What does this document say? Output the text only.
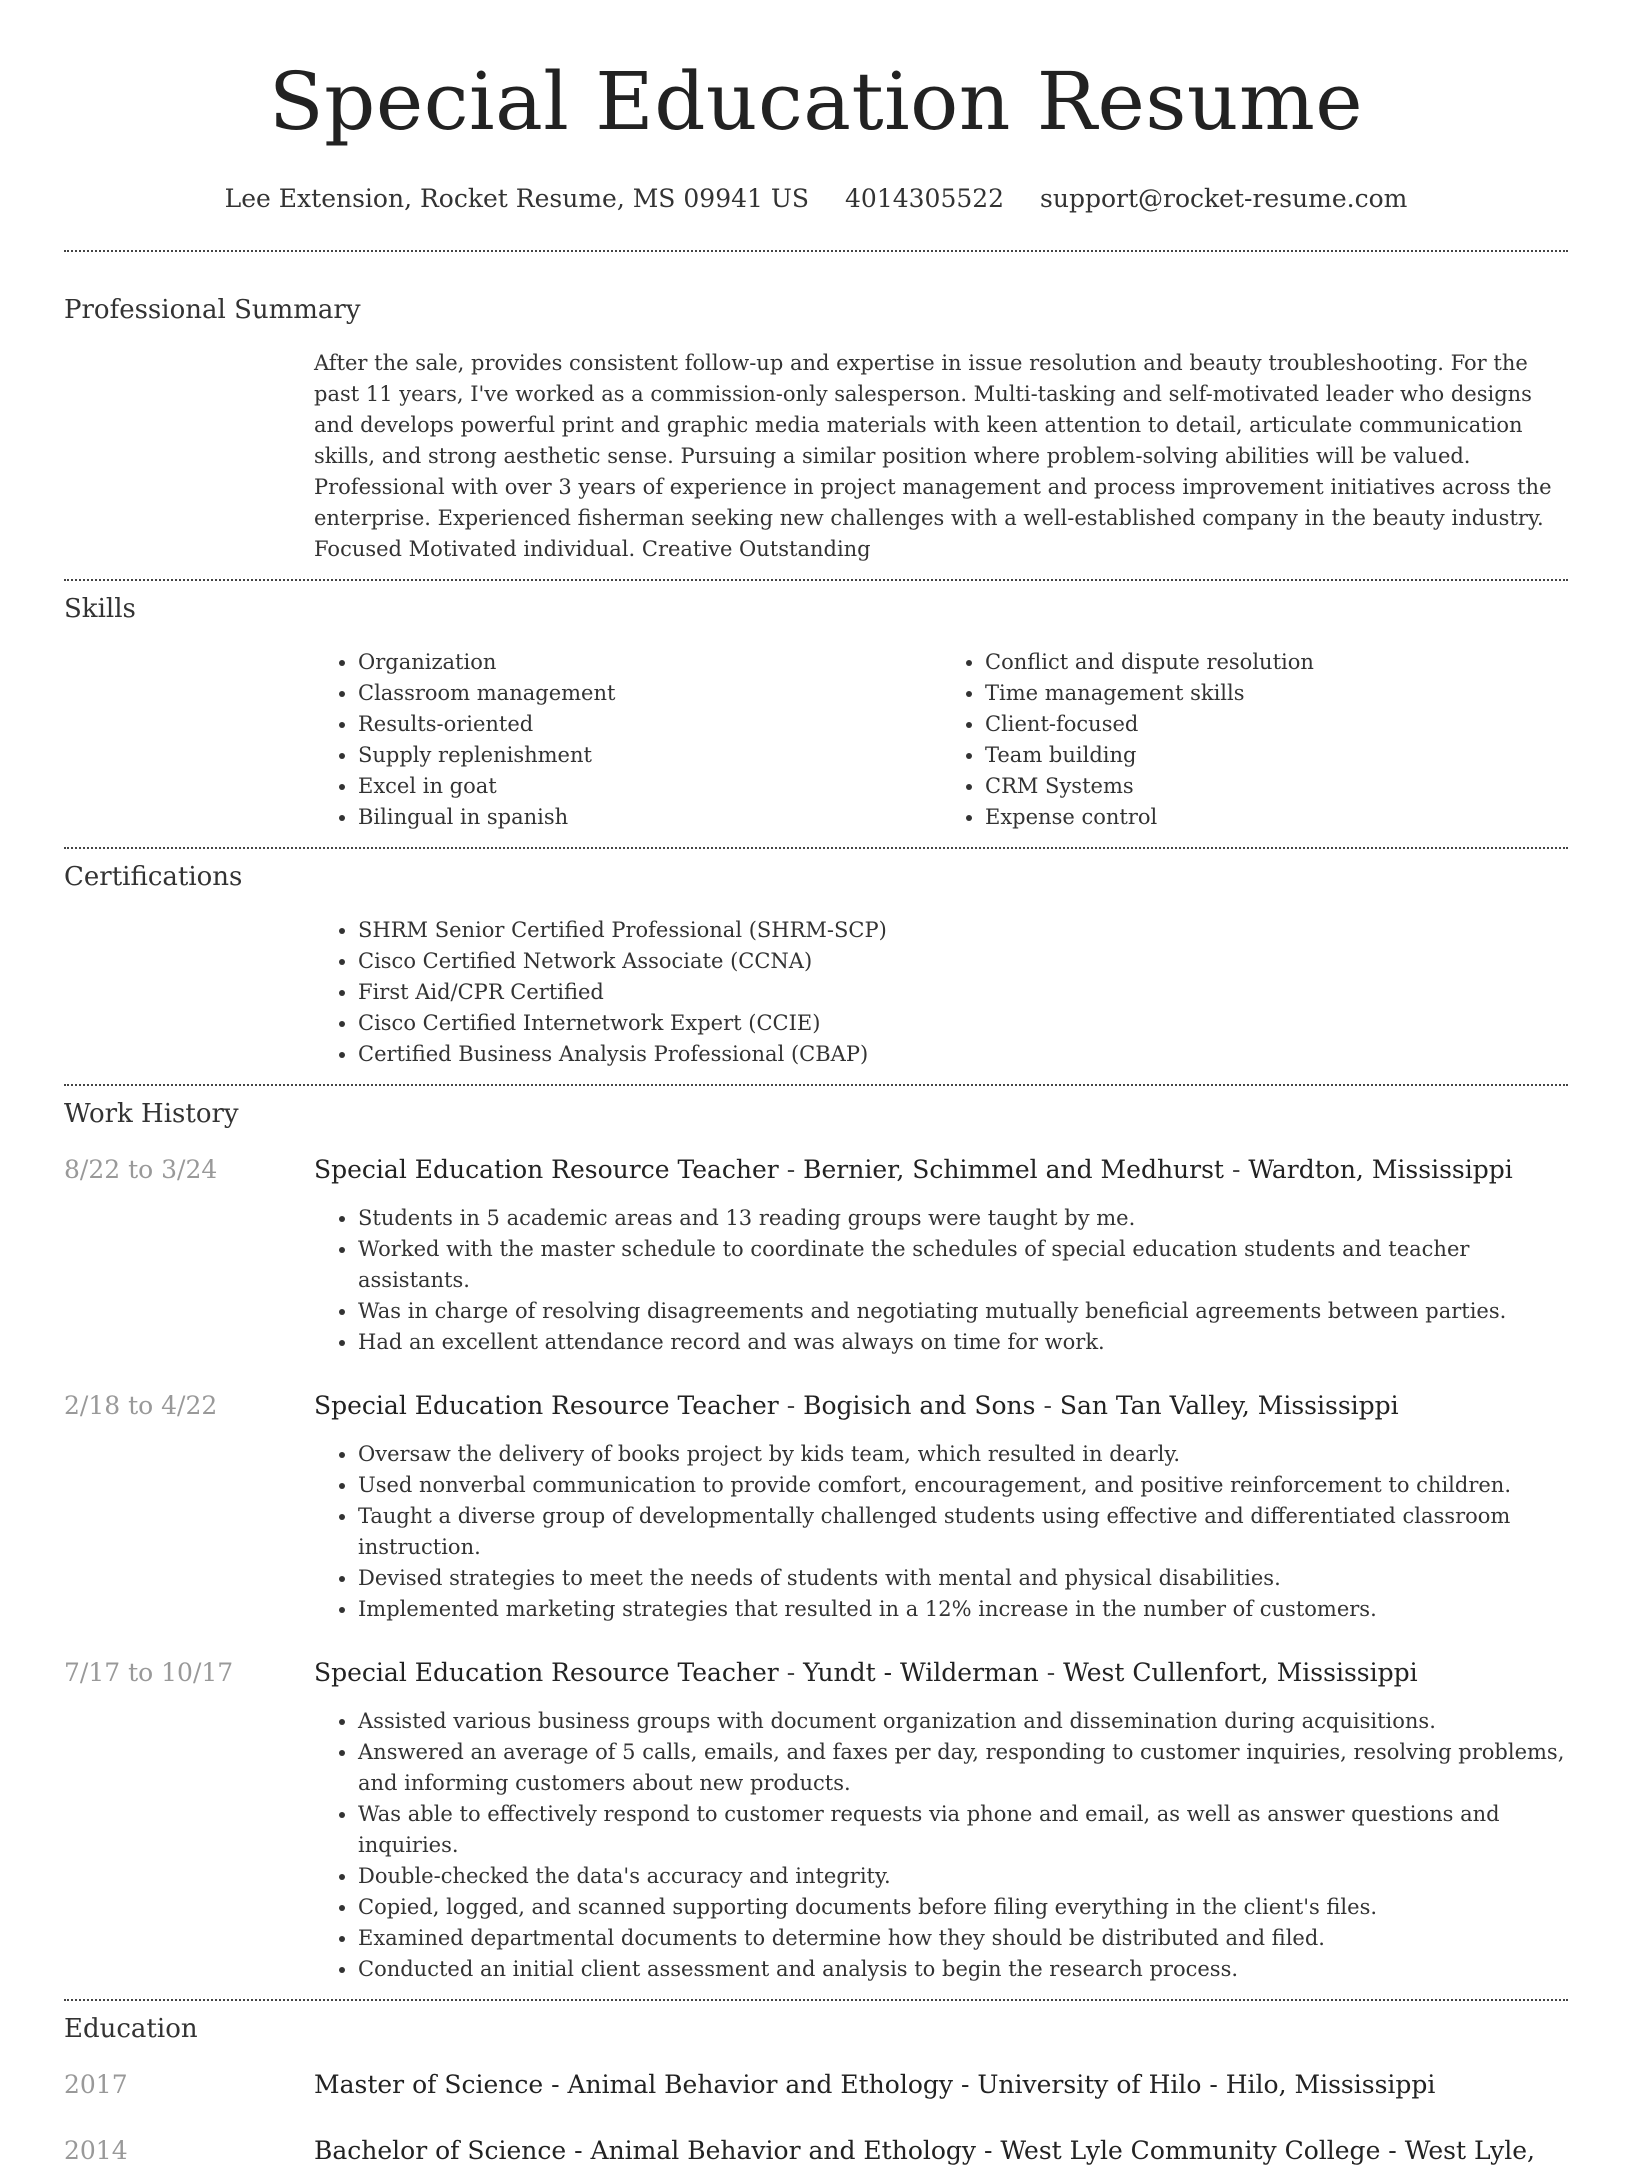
Special Education Resume
Lee Extension, Rocket Resume, MS 09941 US 4014305522 support@rocket-resume.com
Professional Summary
After the sale, provides consistent follow-up and expertise in issue resolution and beauty troubleshooting. For the past 11 years, I've worked as a commission-only salesperson. Multi-tasking and self-motivated leader who designs and develops powerful print and graphic media materials with keen attention to detail, articulate communication skills, and strong aesthetic sense. Pursuing a similar position where problem-solving abilities will be valued. Professional with over 3 years of experience in project management and process improvement initiatives across the enterprise. Experienced fisherman seeking new challenges with a well-established company in the beauty industry. Focused Motivated individual. Creative Outstanding
Skills
• Organization
• Classroom management
• Results-oriented
• Supply replenishment
• Excel in goat
• Bilingual in spanish
• Conflict and dispute resolution
• Time management skills
• Client-focused
• Team building
• CRM Systems
• Expense control
Certifications
• SHRM Senior Certified Professional (SHRM-SCP)
• Cisco Certified Network Associate (CCNA)
• First Aid/CPR Certified
• Cisco Certified Internetwork Expert (CCIE)
• Certified Business Analysis Professional (CBAP)
Work History
8/22 to 3/24	Special Education Resource Teacher - Bernier, Schimmel and Medhurst - Wardton, Mississippi
• Students in 5 academic areas and 13 reading groups were taught by me.
• Worked with the master schedule to coordinate the schedules of special education students and teacher assistants.
• Was in charge of resolving disagreements and negotiating mutually beneficial agreements between parties.
• Had an excellent attendance record and was always on time for work.
2/18 to 4/22	Special Education Resource Teacher - Bogisich and Sons - San Tan Valley, Mississippi
• Oversaw the delivery of books project by kids team, which resulted in dearly.
• Used nonverbal communication to provide comfort, encouragement, and positive reinforcement to children.
• Taught a diverse group of developmentally challenged students using effective and differentiated classroom instruction.
• Devised strategies to meet the needs of students with mental and physical disabilities.
• Implemented marketing strategies that resulted in a 12% increase in the number of customers.
7/17 to 10/17	Special Education Resource Teacher - Yundt - Wilderman - West Cullenfort, Mississippi
• Assisted various business groups with document organization and dissemination during acquisitions.
• Answered an average of 5 calls, emails, and faxes per day, responding to customer inquiries, resolving problems, and informing customers about new products.
• Was able to effectively respond to customer requests via phone and email, as well as answer questions and inquiries.
• Double-checked the data's accuracy and integrity.
• Copied, logged, and scanned supporting documents before filing everything in the client's files.
• Examined departmental documents to determine how they should be distributed and filed.
• Conducted an initial client assessment and analysis to begin the research process.
Education
2017	Master of Science - Animal Behavior and Ethology - University of Hilo - Hilo, Mississippi
2014	Bachelor of Science - Animal Behavior and Ethology - West Lyle Community College - West Lyle,
